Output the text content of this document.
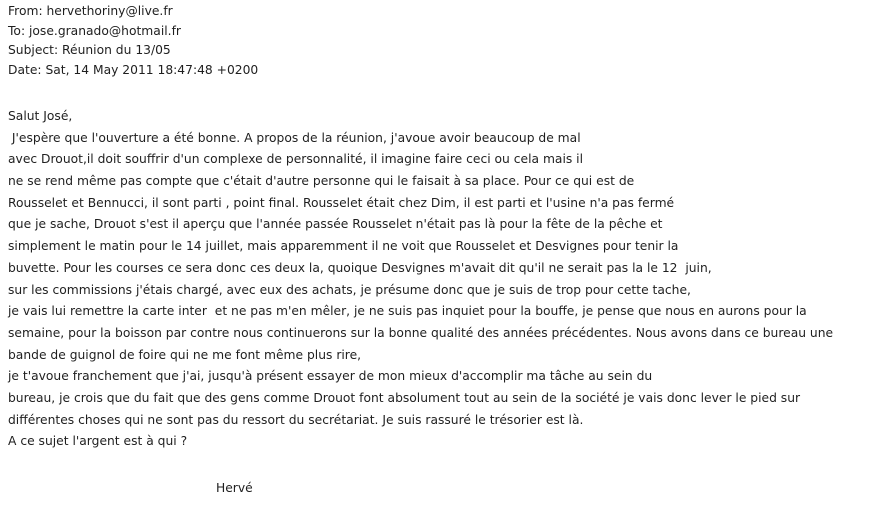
From: hervethoriny@live.fr
To: jose.granado@hotmail.fr
Subject: Réunion du 13/05
Date: Sat, 14 May 2011 18:47:48 +0200
Salut José,
J'espère que l'ouverture a été bonne. A propos de la réunion, j'avoue avoir beaucoup de mal
avec Drouot,il doit souffrir d'un complexe de personnalité, il imagine faire ceci ou cela mais il
ne se rend même pas compte que c'était d'autre personne qui le faisait à sa place. Pour ce qui est de
Rousselet et Bennucci, il sont parti , point final. Rousselet était chez Dim, il est parti et l'usine n'a pas fermé
que je sache, Drouot s'est il aperçu que l'année passée Rousselet n'était pas là pour la fête de la pêche et
simplement le matin pour le 14 juillet, mais apparemment il ne voit que Rousselet et Desvignes pour tenir la
buvette. Pour les courses ce sera donc ces deux la, quoique Desvignes m'avait dit qu'il ne serait pas la le 12  juin,
sur les commissions j'étais chargé, avec eux des achats, je présume donc que je suis de trop pour cette tache,
je vais lui remettre la carte inter  et ne pas m'en mêler, je ne suis pas inquiet pour la bouffe, je pense que nous en aurons pour la
semaine, pour la boisson par contre nous continuerons sur la bonne qualité des années précédentes. Nous avons dans ce bureau une
bande de guignol de foire qui ne me font même plus rire,
je t'avoue franchement que j'ai, jusqu'à présent essayer de mon mieux d'accomplir ma tâche au sein du
bureau, je crois que du fait que des gens comme Drouot font absolument tout au sein de la société je vais donc lever le pied sur
différentes choses qui ne sont pas du ressort du secrétariat. Je suis rassuré le trésorier est là.
A ce sujet l'argent est à qui ?
Hervé
